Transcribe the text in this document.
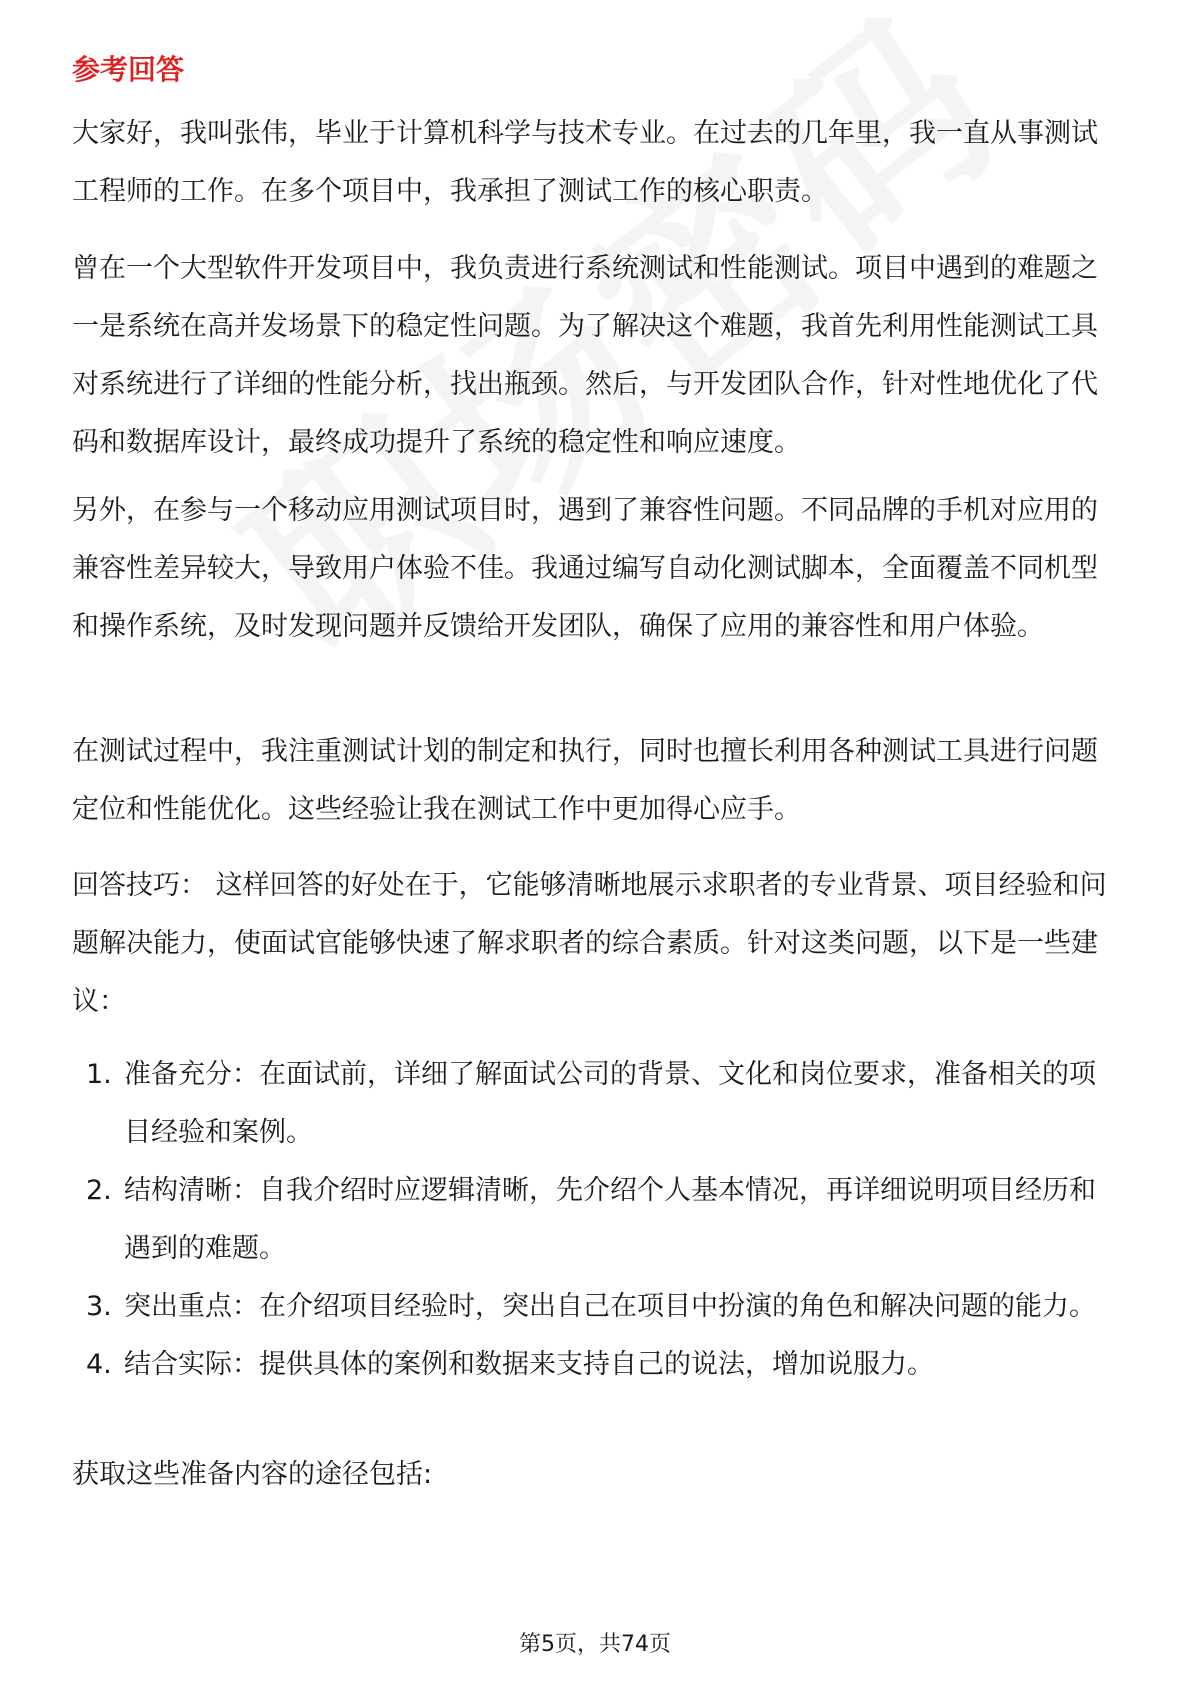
参考回答

大家好，我叫张伟，毕业于计算机科学与技术专业。在过去的几年里，我一直从事测试工程师的工作。在多个项目中，我承担了测试工作的核心职责。

曾在一个大型软件开发项目中，我负责进行系统测试和性能测试。项目中遇到的难题之一是系统在高并发场景下的稳定性问题。为了解决这个难题，我首先利用性能测试工具对系统进行了详细的性能分析，找出瓶颈。然后，与开发团队合作，针对性地优化了代码和数据库设计，最终成功提升了系统的稳定性和响应速度。

另外，在参与一个移动应用测试项目时，遇到了兼容性问题。不同品牌的手机对应用的兼容性差异较大，导致用户体验不佳。我通过编写自动化测试脚本，全面覆盖不同机型和操作系统，及时发现问题并反馈给开发团队，确保了应用的兼容性和用户体验。

在测试过程中，我注重测试计划的制定和执行，同时也擅长利用各种测试工具进行问题定位和性能优化。这些经验让我在测试工作中更加得心应手。

回答技巧： 这样回答的好处在于，它能够清晰地展示求职者的专业背景、项目经验和问题解决能力，使面试官能够快速了解求职者的综合素质。针对这类问题，以下是一些建议：

1. 准备充分：在面试前，详细了解面试公司的背景、文化和岗位要求，准备相关的项目经验和案例。
2. 结构清晰：自我介绍时应逻辑清晰，先介绍个人基本情况，再详细说明项目经历和遇到的难题。
3. 突出重点：在介绍项目经验时，突出自己在项目中扮演的角色和解决问题的能力。
4. 结合实际：提供具体的案例和数据来支持自己的说法，增加说服力。

获取这些准备内容的途径包括:

第5页，共74页
